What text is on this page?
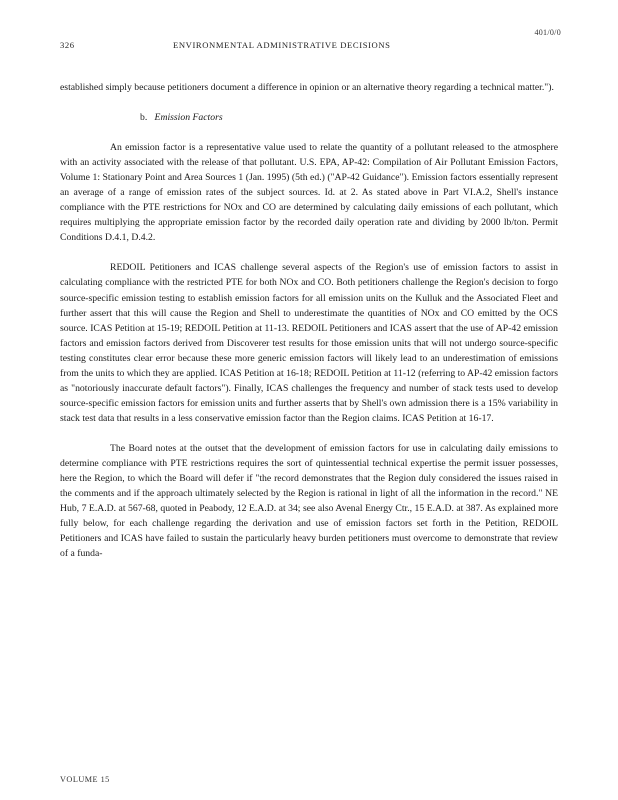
401/0/0
326	ENVIRONMENTAL ADMINISTRATIVE DECISIONS

established simply because petitioners document a difference in opinion or an alternative theory regarding a technical matter.").

b. Emission Factors

An emission factor is a representative value used to relate the quantity of a pollutant released to the atmosphere with an activity associated with the release of that pollutant. U.S. EPA, AP-42: Compilation of Air Pollutant Emission Factors, Volume 1: Stationary Point and Area Sources 1 (Jan. 1995) (5th ed.) ("AP-42 Guidance"). Emission factors essentially represent an average of a range of emission rates of the subject sources. Id. at 2. As stated above in Part VI.A.2, Shell's instance compliance with the PTE restrictions for NOx and CO are determined by calculating daily emissions of each pollutant, which requires multiplying the appropriate emission factor by the recorded daily operation rate and dividing by 2000 lb/ton. Permit Conditions D.4.1, D.4.2.

REDOIL Petitioners and ICAS challenge several aspects of the Region's use of emission factors to assist in calculating compliance with the restricted PTE for both NOx and CO. Both petitioners challenge the Region's decision to forgo source-specific emission testing to establish emission factors for all emission units on the Kulluk and the Associated Fleet and further assert that this will cause the Region and Shell to underestimate the quantities of NOx and CO emitted by the OCS source. ICAS Petition at 15-19; REDOIL Petition at 11-13. REDOIL Petitioners and ICAS assert that the use of AP-42 emission factors and emission factors derived from Discoverer test results for those emission units that will not undergo source-specific testing constitutes clear error because these more generic emission factors will likely lead to an underestimation of emissions from the units to which they are applied. ICAS Petition at 16-18; REDOIL Petition at 11-12 (referring to AP-42 emission factors as "notoriously inaccurate default factors"). Finally, ICAS challenges the frequency and number of stack tests used to develop source-specific emission factors for emission units and further asserts that by Shell's own admission there is a 15% variability in stack test data that results in a less conservative emission factor than the Region claims. ICAS Petition at 16-17.

The Board notes at the outset that the development of emission factors for use in calculating daily emissions to determine compliance with PTE restrictions requires the sort of quintessential technical expertise the permit issuer possesses, here the Region, to which the Board will defer if "the record demonstrates that the Region duly considered the issues raised in the comments and if the approach ultimately selected by the Region is rational in light of all the information in the record." NE Hub, 7 E.A.D. at 567-68, quoted in Peabody, 12 E.A.D. at 34; see also Avenal Energy Ctr., 15 E.A.D. at 387. As explained more fully below, for each challenge regarding the derivation and use of emission factors set forth in the Petition, REDOIL Petitioners and ICAS have failed to sustain the particularly heavy burden petitioners must overcome to demonstrate that review of a funda-

VOLUME 15
